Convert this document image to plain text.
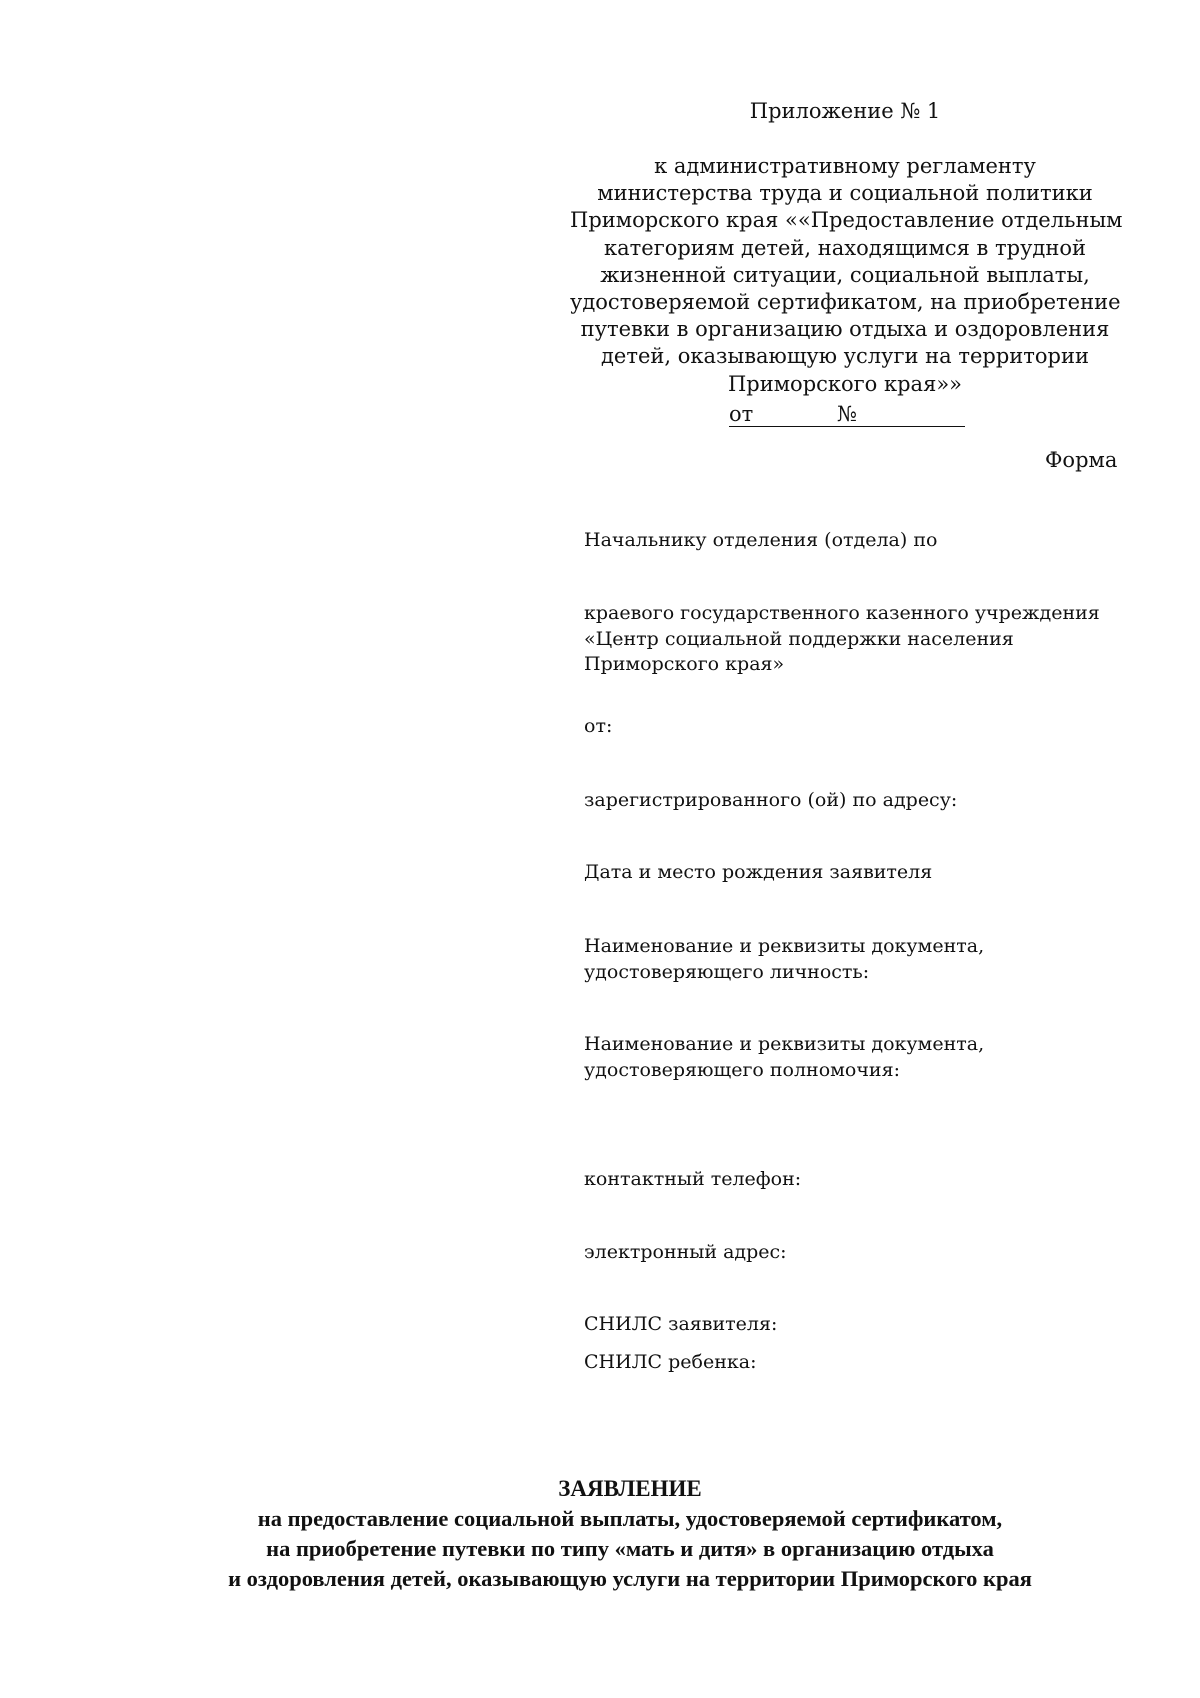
Приложение № 1
к административному регламенту
министерства труда и социальной политики
Приморского края ««Предоставление отдельным
категориям детей, находящимся в трудной
жизненной ситуации, социальной выплаты,
удостоверяемой сертификатом, на приобретение
путевки в организацию отдыха и оздоровления
детей, оказывающую услуги на территории
Приморского края»»
от	№
Форма
Начальнику отделения (отдела) по
краевого государственного казенного учреждения
«Центр социальной поддержки населения
Приморского края»
от:
зарегистрированного (ой) по адресу:
Дата и место рождения заявителя
Наименование и реквизиты документа,
удостоверяющего личность:
Наименование и реквизиты документа,
удостоверяющего полномочия:
контактный телефон:
электронный адрес:
СНИЛС заявителя:
СНИЛС ребенка:
ЗАЯВЛЕНИЕ
на предоставление социальной выплаты, удостоверяемой сертификатом,
на приобретение путевки по типу «мать и дитя» в организацию отдыха
и оздоровления детей, оказывающую услуги на территории Приморского края
